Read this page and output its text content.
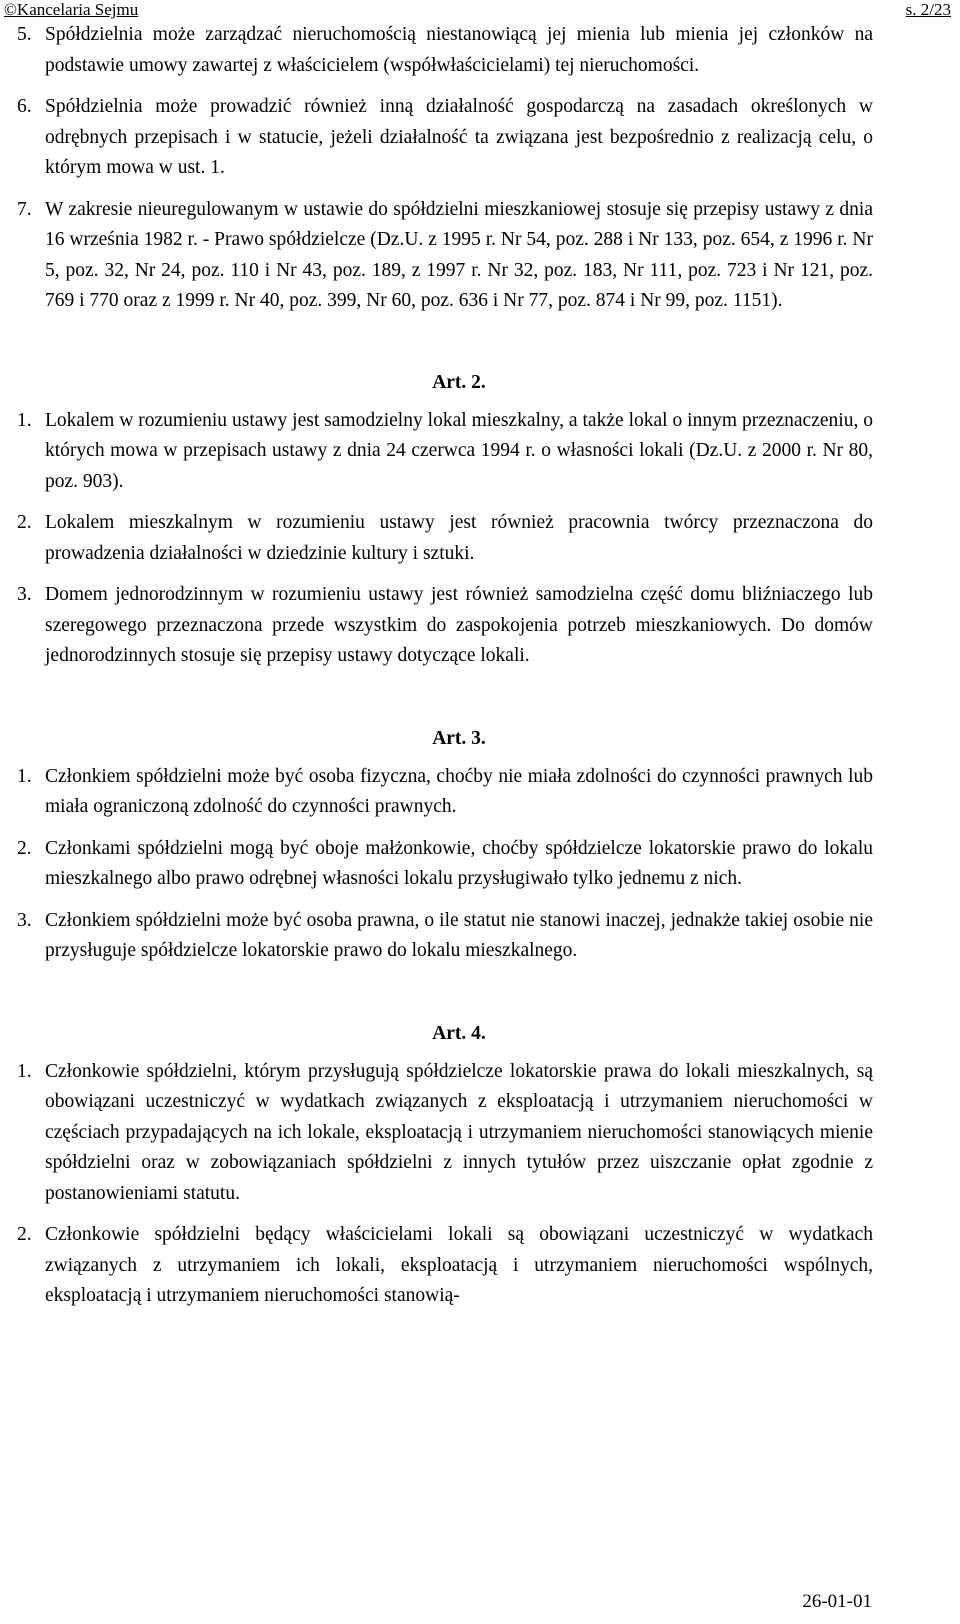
©Kancelaria Sejmu	s. 2/23

5. Spółdzielnia może zarządzać nieruchomością niestanowiącą jej mienia lub mienia jej członków na podstawie umowy zawartej z właścicielem (współwłaścicielami) tej nieruchomości.

6. Spółdzielnia może prowadzić również inną działalność gospodarczą na zasadach określonych w odrębnych przepisach i w statucie, jeżeli działalność ta związana jest bezpośrednio z realizacją celu, o którym mowa w ust. 1.

7. W zakresie nieuregulowanym w ustawie do spółdzielni mieszkaniowej stosuje się przepisy ustawy z dnia 16 września 1982 r. - Prawo spółdzielcze (Dz.U. z 1995 r. Nr 54, poz. 288 i Nr 133, poz. 654, z 1996 r. Nr 5, poz. 32, Nr 24, poz. 110 i Nr 43, poz. 189, z 1997 r. Nr 32, poz. 183, Nr 111, poz. 723 i Nr 121, poz. 769 i 770 oraz z 1999 r. Nr 40, poz. 399, Nr 60, poz. 636 i Nr 77, poz. 874 i Nr 99, poz. 1151).

Art. 2.

1. Lokalem w rozumieniu ustawy jest samodzielny lokal mieszkalny, a także lokal o innym przeznaczeniu, o których mowa w przepisach ustawy z dnia 24 czerwca 1994 r. o własności lokali (Dz.U. z 2000 r. Nr 80, poz. 903).

2. Lokalem mieszkalnym w rozumieniu ustawy jest również pracownia twórcy przeznaczona do prowadzenia działalności w dziedzinie kultury i sztuki.

3. Domem jednorodzinnym w rozumieniu ustawy jest również samodzielna część domu bliźniaczego lub szeregowego przeznaczona przede wszystkim do zaspokojenia potrzeb mieszkaniowych. Do domów jednorodzinnych stosuje się przepisy ustawy dotyczące lokali.

Art. 3.

1. Członkiem spółdzielni może być osoba fizyczna, choćby nie miała zdolności do czynności prawnych lub miała ograniczoną zdolność do czynności prawnych.

2. Członkami spółdzielni mogą być oboje małżonkowie, choćby spółdzielcze lokatorskie prawo do lokalu mieszkalnego albo prawo odrębnej własności lokalu przysługiwało tylko jednemu z nich.

3. Członkiem spółdzielni może być osoba prawna, o ile statut nie stanowi inaczej, jednakże takiej osobie nie przysługuje spółdzielcze lokatorskie prawo do lokalu mieszkalnego.

Art. 4.

1. Członkowie spółdzielni, którym przysługują spółdzielcze lokatorskie prawa do lokali mieszkalnych, są obowiązani uczestniczyć w wydatkach związanych z eksploatacją i utrzymaniem nieruchomości w częściach przypadających na ich lokale, eksploatacją i utrzymaniem nieruchomości stanowiących mienie spółdzielni oraz w zobowiązaniach spółdzielni z innych tytułów przez uiszczanie opłat zgodnie z postanowieniami statutu.

2. Członkowie spółdzielni będący właścicielami lokali są obowiązani uczestniczyć w wydatkach związanych z utrzymaniem ich lokali, eksploatacją i utrzymaniem nieruchomości wspólnych, eksploatacją i utrzymaniem nieruchomości stanowią-

26-01-01
